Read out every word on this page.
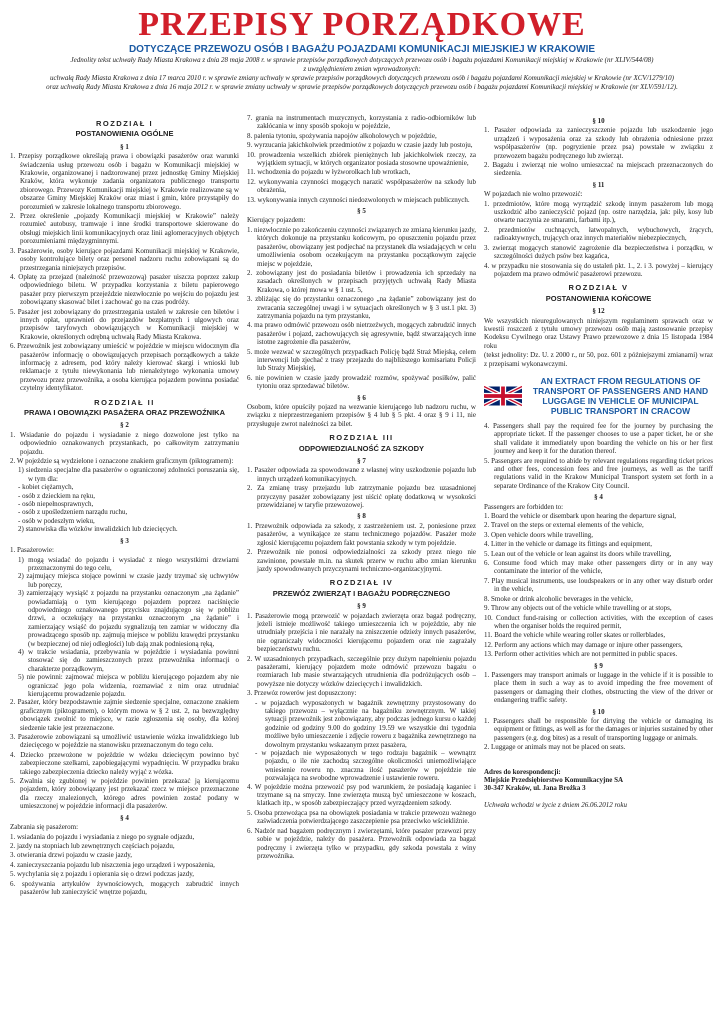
PRZEPISY PORZĄDKOWE
DOTYCZĄCE PRZEWOZU OSÓB I BAGAŻU POJAZDAMI KOMUNIKACJI MIEJSKIEJ W KRAKOWIE
Jednolity tekst uchwały Rady Miasta Krakowa z dnia 28 maja 2008 r. w sprawie przepisów porządkowych dotyczących przewozu osób i bagażu pojazdami Komunikacji miejskiej w Krakowie (nr XLIV/544/08)
z uwzględnieniem zmian wprowadzonych:
uchwałą Rady Miasta Krakowa z dnia 17 marca 2010 r. w sprawie zmiany uchwały w sprawie przepisów porządkowych dotyczących przewozu osób i bagażu pojazdami Komunikacji miejskiej w Krakowie (nr XCV/1279/10)
oraz uchwałą Rady Miasta Krakowa z dnia 16 maja 2012 r. w sprawie zmiany uchwały w sprawie przepisów porządkowych dotyczących przewozu osób i bagażu pojazdami Komunikacji miejskiej w Krakowie (nr XLV/591/12).
ROZDZIAŁ I
POSTANOWIENIA OGÓLNE
§ 1
1. Przepisy porządkowe określają prawa i obowiązki pasażerów oraz warunki świadczenia usług przewozu osób i bagażu w Komunikacji miejskiej w Krakowie, organizowanej i nadzorowanej przez jednostkę Gminy Miejskiej Kraków, która wykonuje zadania organizatora publicznego transportu zbiorowego. Przewozy Komunikacji miejskiej w Krakowie realizowane są w obszarze Gminy Miejskiej Kraków oraz miast i gmin, które przystąpiły do porozumień w zakresie lokalnego transportu zbiorowego.
2. Przez określenie „pojazdy Komunikacji miejskiej w Krakowie” należy rozumieć autobusy, tramwaje i inne środki transportowe skierowane do obsługi miejskich linii komunikacyjnych oraz linii aglomeracyjnych objętych porozumieniami międzygminnymi.
3. Pasażerowie, osoby kierujące pojazdami Komunikacji miejskiej w Krakowie, osoby kontrolujące bilety oraz personel nadzoru ruchu zobowiązani są do przestrzegania niniejszych przepisów.
4. Opłatę za przejazd (należność przewozową) pasażer uiszcza poprzez zakup odpowiedniego biletu. W przypadku korzystania z biletu papierowego pasażer przy pierwszym przejeździe niezwłocznie po wejściu do pojazdu jest zobowiązany skasować bilet i zachować go na czas podróży.
5. Pasażer jest zobowiązany do przestrzegania ustaleń w zakresie cen biletów i innych opłat, uprawnień do przejazdów bezpłatnych i ulgowych oraz przepisów taryfowych obowiązujących w Komunikacji miejskiej w Krakowie, określonych odrębną uchwałą Rady Miasta Krakowa.
6. Przewoźnik jest zobowiązany umieścić w pojeździe w miejscu widocznym dla pasażerów informację o obowiązujących przepisach porządkowych a także informację z adresem, pod który należy kierować skargi i wnioski lub reklamacje z tytułu niewykonania lub nienależytego wykonania umowy przewozu przez przewoźnika, a osoba kierująca pojazdem powinna posiadać czytelny identyfikator.
ROZDZIAŁ II
PRAWA I OBOWIĄZKI PASAŻERA ORAZ PRZEWOŹNIKA
§ 2
1. Wsiadanie do pojazdu i wysiadanie z niego dozwolone jest tylko na odpowiednio oznakowanych przystankach, po całkowitym zatrzymaniu pojazdu.
2. W pojeździe są wydzielone i oznaczone znakiem graficznym (piktogramem):
1) siedzenia specjalne dla pasażerów o ograniczonej zdolności poruszania się, w tym dla:
- kobiet ciężarnych,
- osób z dzieckiem na ręku,
- osób niepełnosprawnych,
- osób z upośledzeniem narządu ruchu,
- osób w podeszłym wieku,
2) stanowiska dla wózków inwalidzkich lub dziecięcych.
§ 3
1. Pasażerowie:
1) mogą wsiadać do pojazdu i wysiadać z niego wszystkimi drzwiami przeznaczonymi do tego celu,
2) zajmujący miejsca stojące powinni w czasie jazdy trzymać się uchwytów lub poręczy,
3) zamierzający wysiąść z pojazdu na przystanku oznaczonym „na żądanie” powiadamiają o tym kierującego pojazdem poprzez naciśnięcie odpowiedniego oznakowanego przycisku znajdującego się w pobliżu drzwi, a oczekujący na przystanku oznaczonym „na żądanie” i zamierzający wsiąść do pojazdu sygnalizują ten zamiar w widoczny dla prowadzącego sposób np. zajmują miejsce w pobliżu krawędzi przystanku (w bezpiecznej od niej odległości) lub dają znak podniesioną ręką,
4) w trakcie wsiadania, przebywania w pojeździe i wysiadania powinni stosować się do zamieszczonych przez przewoźnika informacji o charakterze porządkowym,
5) nie powinni: zajmować miejsca w pobliżu kierującego pojazdem aby nie ograniczać jego pola widzenia, rozmawiać z nim oraz utrudniać kierującemu prowadzenie pojazdu.
2. Pasażer, który bezpodstawnie zajmie siedzenie specjalne, oznaczone znakiem graficznym (piktogramem), o którym mowa w § 2 ust. 2, na bezwzględny obowiązek zwolnić to miejsce, w razie zgłoszenia się osoby, dla której siedzenie takie jest przeznaczone.
3. Pasażerowie zobowiązani są umożliwić ustawienie wózka inwalidzkiego lub dziecięcego w pojeździe na stanowisku przeznaczonym do tego celu.
4. Dziecko przewożone w pojeździe w wózku dziecięcym powinno być zabezpieczone szelkami, zapobiegającymi wypadnięciu. W przypadku braku takiego zabezpieczenia dziecko należy wyjąć z wózka.
5. Zwalnia się zgubionej w pojeździe powinien przekazać ją kierującemu pojazdem, który zobowiązany jest przekazać rzecz w miejsce przeznaczone dla rzeczy znalezionych, którego adres powinien zostać podany w umieszczonej w pojeździe informacji dla pasażerów.
§ 4
Zabrania się pasażerom:
1. wsiadania do pojazdu i wysiadania z niego po sygnale odjazdu,
2. jazdy na stopniach lub zewnętrznych częściach pojazdu,
3. otwierania drzwi pojazdu w czasie jazdy,
4. zanieczyszczania pojazdu lub niszczenia jego urządzeń i wyposażenia,
5. wychylania się z pojazdu i opierania się o drzwi podczas jazdy,
6. spożywania artykułów żywnościowych, mogących zabrudzić innych pasażerów lub zanieczyścić wnętrze pojazdu,
7. grania na instrumentach muzycznych, korzystania z radio-odbiorników lub zakłócania w inny sposób spokoju w pojeździe,
8. palenia tytoniu, spożywania napojów alkoholowych w pojeździe,
9. wyrzucania jakichkolwiek przedmiotów z pojazdu w czasie jazdy lub postoju,
10. prowadzenia wszelkich zbiórek pieniężnych lub jakichkolwiek rzeczy, za wyjątkiem sytuacji, w których organizator posiada stosowne upoważnienie,
11. wchodzenia do pojazdu w łyżworolkach lub wrotkach,
12. wykonywania czynności mogących narazić współpasażerów na szkody lub obrażenia,
13. wykonywania innych czynności niedozwolonych w miejscach publicznych.
§ 5
Kierujący pojazdem:
1. niezwłocznie po zakończeniu czynności związanych ze zmianą kierunku jazdy, których dokonuje na przystanku końcowym, po opuszczeniu pojazdu przez pasażerów, obowiązany jest podjechać na przystanek dla wsiadających w celu umożliwienia osobom oczekującym na przystanku początkowym zajęcie miejsc w pojeździe,
2. zobowiązany jest do posiadania biletów i prowadzenia ich sprzedaży na zasadach określonych w przepisach przyjętych uchwałą Rady Miasta Krakowa, o której mowa w § 1 ust. 5,
3. zbliżając się do przystanku oznaczonego „na żądanie” zobowiązany jest do zwracania szczególnej uwagi i w sytuacjach określonych w § 3 ust.1 pkt. 3) zatrzymania pojazdu na tym przystanku,
4. ma prawo odmówić przewozu osób nietrzeźwych, mogących zabrudzić innych pasażerów i pojazd, zachowujących się agresywnie, bądź stwarzających inne istotne zagrożenie dla pasażerów,
5. może wezwać w szczególnych przypadkach Policję bądź Straż Miejską, celem interwencji lub zjechać z trasy przejazdu do najbliższego komisariatu Policji lub Straży Miejskiej,
6. nie powinien w czasie jazdy prowadzić rozmów, spożywać posiłków, palić tytoniu oraz sprzedawać biletów.
§ 6
Osobom, które opuściły pojazd na wezwanie kierującego lub nadzoru ruchu, w związku z nieprzestrzeganiem przepisów § 4 lub § 5 pkt. 4 oraz § 9 i 11, nie przysługuje zwrot należności za bilet.
ROZDZIAŁ III
ODPOWIEDZIALNOŚĆ ZA SZKODY
§ 7
1. Pasażer odpowiada za spowodowane z własnej winy uszkodzenie pojazdu lub innych urządzeń komunikacyjnych.
2. Za zmianę trasy przejazdu lub zatrzymanie pojazdu bez uzasadnionej przyczyny pasażer zobowiązany jest uiścić opłatę dodatkową w wysokości przewidzianej w taryfie przewozowej.
§ 8
1. Przewoźnik odpowiada za szkody, z zastrzeżeniem ust. 2, poniesione przez pasażerów, a wynikające ze stanu technicznego pojazdów. Pasażer może zgłosić kierującemu pojazdem fakt powstania szkody w tym pojeździe.
2. Przewoźnik nie ponosi odpowiedzialności za szkody przez niego nie zawinione, powstałe m.in. na skutek przerw w ruchu albo zmian kierunku jazdy spowodowanych przyczynami techniczno-organizacyjnymi.
ROZDZIAŁ IV
PRZEWÓZ ZWIERZĄT I BAGAŻU PODRĘCZNEGO
§ 9
1. Pasażerowie mogą przewozić w pojazdach zwierzęta oraz bagaż podręczny, jeżeli istnieje możliwość takiego umieszczenia ich w pojeździe, aby nie utrudniały przejścia i nie narażały na zniszczenie odzieży innych pasażerów, nie ograniczały widoczności kierującemu pojazdem oraz nie zagrażały bezpieczeństwu ruchu.
2. W uzasadnionych przypadkach, szczególnie przy dużym napełnieniu pojazdu pasażerami, kierujący pojazdem może odmówić przewozu bagażu o rozmiarach lub masie stwarzających utrudnienia dla podróżujących osób – powyższe nie dotyczy wózków dziecięcych i inwalidzkich.
3. Przewóz rowerów jest dopuszczony:
- w pojazdach wyposażonych w bagażnik zewnętrzny przystosowany do takiego przewozu – wyłącznie na bagażniku zewnętrznym. W takiej sytuacji przewoźnik jest zobowiązany, aby podczas jednego kursu o każdej godzinie od godziny 9.00 do godziny 19.59 we wszystkie dni tygodnia możliwe było umieszczenie i zdjęcie roweru z bagażnika zewnętrznego na dowolnym przystanku wskazanym przez pasażera,
- w pojazdach nie wyposażonych w tego rodzaju bagażnik – wewnątrz pojazdu, o ile nie zachodzą szczególne okoliczności uniemożliwiające wniesienie roweru np. znaczna ilość pasażerów w pojeździe nie pozwalająca na swobodne wprowadzenie i ustawienie roweru.
4. W pojeździe można przewozić psy pod warunkiem, że posiadają kaganiec i trzymane są na smyczy. Inne zwierzęta muszą być umieszczone w koszach, klatkach itp., w sposób zabezpieczający przed wyrządzeniem szkody.
5. Osoba przewożąca psa na obowiązek posiadania w trakcie przewozu ważnego zaświadczenia potwierdzającego zaszczepienie psa przeciwko wściekliźnie.
6. Nadzór nad bagażem podręcznym i zwierzętami, które pasażer przewozi przy sobie w pojeździe, należy do pasażera. Przewoźnik odpowiada za bagaż podręczny i zwierzęta tylko w przypadku, gdy szkoda powstała z winy przewoźnika.
§ 10
1. Pasażer odpowiada za zanieczyszczenie pojazdu lub uszkodzenie jego urządzeń i wyposażenia oraz za szkody lub obrażenia odniesione przez współpasażerów (np. pogryzienie przez psa) powstałe w związku z przewozem bagażu podręcznego lub zwierząt.
2. Bagażu i zwierząt nie wolno umieszczać na miejscach przeznaczonych do siedzenia.
§ 11
W pojazdach nie wolno przewozić:
1. przedmiotów, które mogą wyrządzić szkodę innym pasażerom lub mogą uszkodzić albo zanieczyścić pojazd (np. ostre narzędzia, jak: piły, kosy lub otwarte naczynia ze smarami, farbami itp.),
2. przedmiotów cuchnących, łatwopalnych, wybuchowych, żrących, radioaktywnych, trujących oraz innych materiałów niebezpiecznych,
3. zwierząt mogących stanowić zagrożenie dla bezpieczeństwa i porządku, w szczególności dużych psów bez kagańca,
4. w przypadku nie stosowania się do ustaleń pkt. 1., 2. i 3. powyżej – kierujący pojazdem ma prawo odmówić pasażerowi przewozu.
ROZDZIAŁ V
POSTANOWIENIA KOŃCOWE
§ 12
We wszystkich nieuregulowanych niniejszym regulaminem sprawach oraz w kwestii roszczeń z tytułu umowy przewozu osób mają zastosowanie przepisy Kodeksu Cywilnego oraz Ustawy Prawo przewozowe z dnia 15 listopada 1984 roku
(tekst jednolity: Dz. U. z 2000 r., nr 50, poz. 601 z późniejszymi zmianami) wraz z przepisami wykonawczymi.
AN EXTRACT FROM REGULATIONS OF TRANSPORT OF PASSENGERS AND HAND LUGGAGE IN VEHICLE OF MUNICIPAL PUBLIC TRANSPORT IN CRACOW
4. Passengers shall pay the required fee for the journey by purchasing the appropriate ticket. If the passenger chooses to use a paper ticket, he or she shall validate it immediately upon boarding the vehicle on his or her first journey and keep it for the duration thereof.
5. Passengers are required to abide by relevant regulations regarding ticket prices and other fees, concession fees and free journeys, as well as the tariff regulations valid in the Krakow Municipal Transport system set forth in a separate Ordinance of the Krakow City Council.
§ 4
Passengers are forbidden to:
1. Board the vehicle or disembark upon hearing the departure signal,
2. Travel on the steps or external elements of the vehicle,
3. Open vehicle doors while travelling,
4. Litter in the vehicle or damage its fittings and equipment,
5. Lean out of the vehicle or lean against its doors while travelling,
6. Consume food which may make other passengers dirty or in any way contaminate the interior of the vehicle,
7. Play musical instruments, use loudspeakers or in any other way disturb order in the vehicle,
8. Smoke or drink alcoholic beverages in the vehicle,
9. Throw any objects out of the vehicle while travelling or at stops,
10. Conduct fund-raising or collection activities, with the exception of cases when the organiser holds the required permit,
11. Board the vehicle while wearing roller skates or rollerblades,
12. Perform any actions which may damage or injure other passengers,
13. Perform other activities which are not permitted in public spaces.
§ 9
1. Passengers may transport animals or luggage in the vehicle if it is possible to place them in such a way as to avoid impeding the free movement of passengers or damaging their clothes, obstructing the view of the driver or endangering traffic safety.
§ 10
1. Passengers shall be responsible for dirtying the vehicle or damaging its equipment or fittings, as well as for the damages or injuries sustained by other passengers (e.g. dog bites) as a result of transporting luggage or animals.
2. Luggage or animals may not be placed on seats.
Adres do korespondencji:
Miejskie Przedsiębiorstwo Komunikacyjne SA
30-347 Kraków, ul. Jana Brożka 3
Uchwała wchodzi w życie z dniem 26.06.2012 roku
